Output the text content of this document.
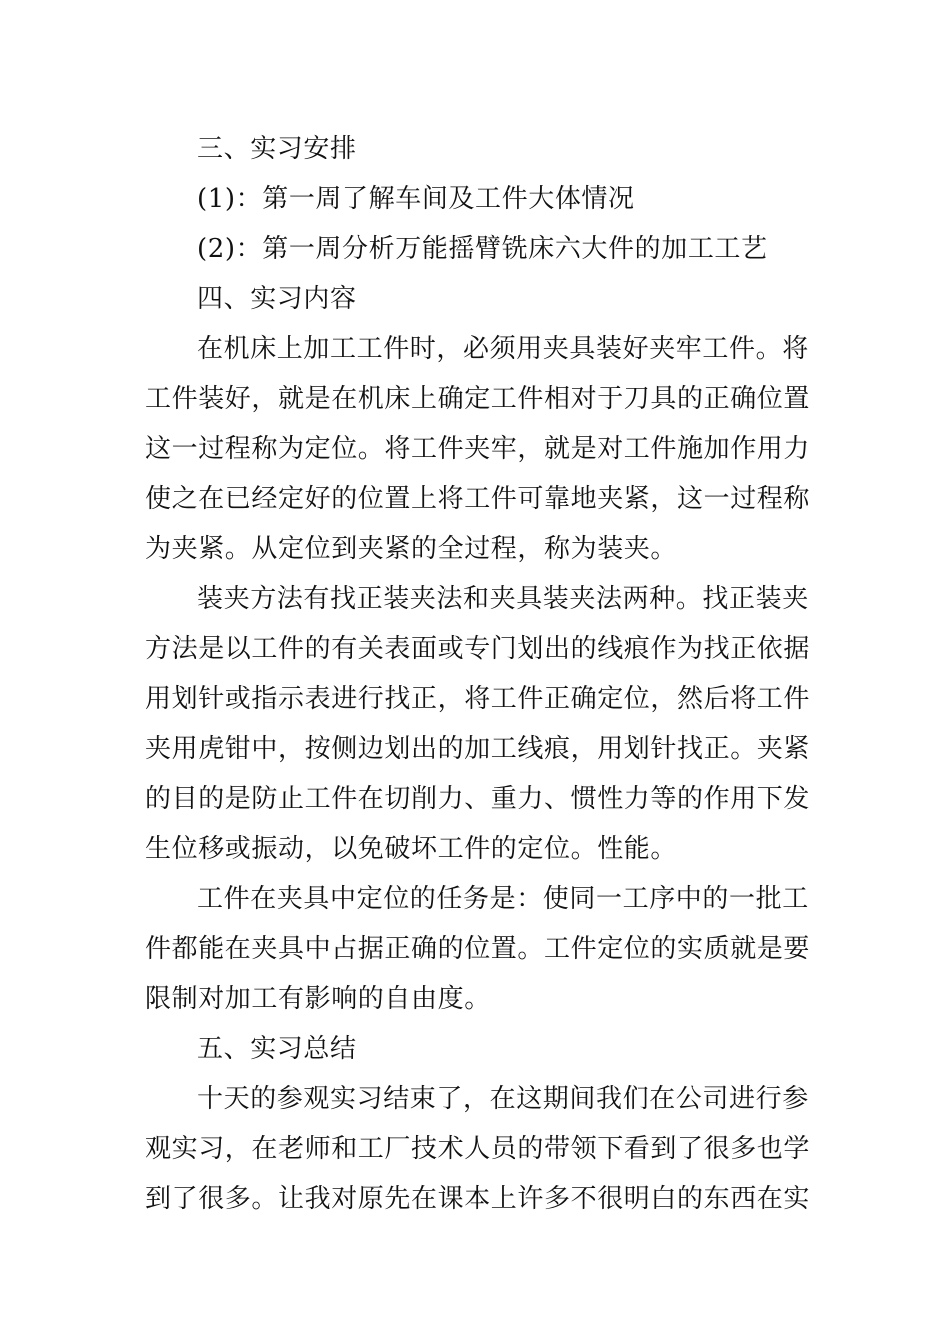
三、实习安排
(1)：第一周了解车间及工件大体情况
(2)：第一周分析万能摇臂铣床六大件的加工工艺
四、实习内容
在机床上加工工件时，必须用夹具装好夹牢工件。将
工件装好，就是在机床上确定工件相对于刀具的正确位置
这一过程称为定位。将工件夹牢，就是对工件施加作用力
使之在已经定好的位置上将工件可靠地夹紧，这一过程称
为夹紧。从定位到夹紧的全过程，称为装夹。
装夹方法有找正装夹法和夹具装夹法两种。找正装夹
方法是以工件的有关表面或专门划出的线痕作为找正依据
用划针或指示表进行找正，将工件正确定位，然后将工件
夹用虎钳中，按侧边划出的加工线痕，用划针找正。夹紧
的目的是防止工件在切削力、重力、惯性力等的作用下发
生位移或振动，以免破坏工件的定位。性能。
工件在夹具中定位的任务是：使同一工序中的一批工
件都能在夹具中占据正确的位置。工件定位的实质就是要
限制对加工有影响的自由度。
五、实习总结
十天的参观实习结束了，在这期间我们在公司进行参
观实习，在老师和工厂技术人员的带领下看到了很多也学
到了很多。让我对原先在课本上许多不很明白的东西在实
